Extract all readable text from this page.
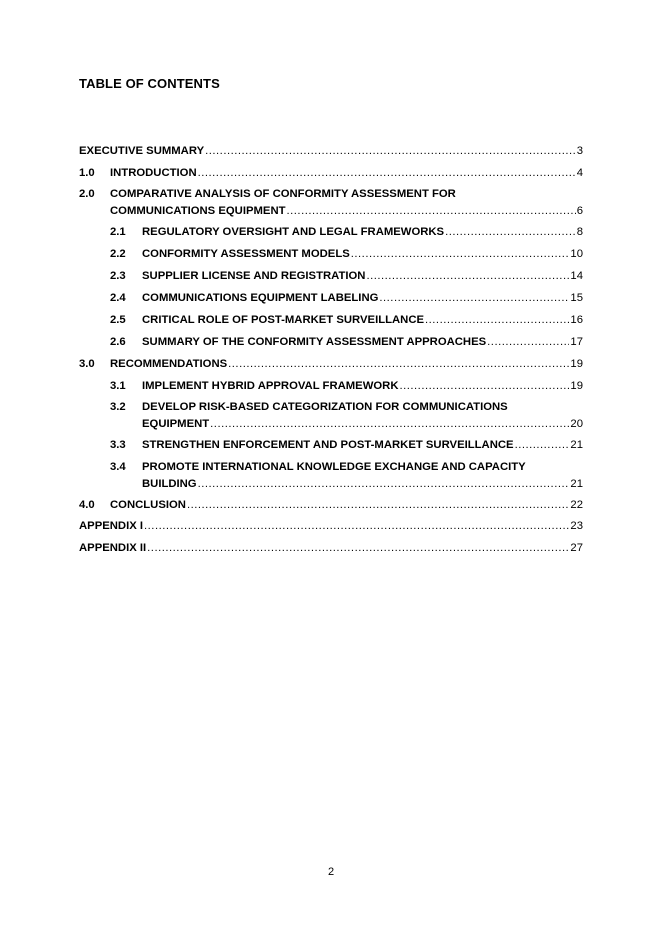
TABLE OF CONTENTS
EXECUTIVE SUMMARY .....	3
1.0 INTRODUCTION .....	4
2.0 COMPARATIVE ANALYSIS OF CONFORMITY ASSESSMENT FOR
COMMUNICATIONS EQUIPMENT .....	6
2.1 REGULATORY OVERSIGHT AND LEGAL FRAMEWORKS .....	8
2.2 CONFORMITY ASSESSMENT MODELS .....	10
2.3 SUPPLIER LICENSE AND REGISTRATION .....	14
2.4 COMMUNICATIONS EQUIPMENT LABELING .....	15
2.5 CRITICAL ROLE OF POST-MARKET SURVEILLANCE .....	16
2.6 SUMMARY OF THE CONFORMITY ASSESSMENT APPROACHES .....	17
3.0 RECOMMENDATIONS .....	19
3.1 IMPLEMENT HYBRID APPROVAL FRAMEWORK .....	19
3.2 DEVELOP RISK-BASED CATEGORIZATION FOR COMMUNICATIONS
EQUIPMENT .....	20
3.3 STRENGTHEN ENFORCEMENT AND POST-MARKET SURVEILLANCE .....	21
3.4 PROMOTE INTERNATIONAL KNOWLEDGE EXCHANGE AND CAPACITY
BUILDING .....	21
4.0 CONCLUSION .....	22
APPENDIX I .....	23
APPENDIX II .....	27
2
